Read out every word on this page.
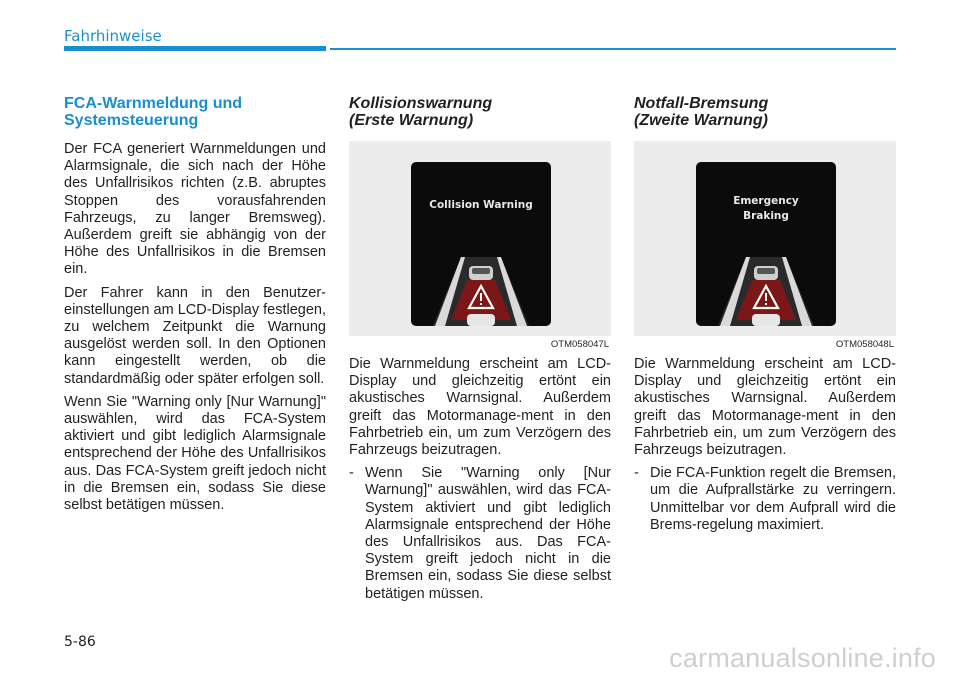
Fahrhinweise
FCA-Warnmeldung und
Systemsteuerung

Der FCA generiert Warnmeldungen und Alarmsignale, die sich nach der Höhe des Unfallrisikos richten (z.B. abruptes Stoppen des vorausfahrenden Fahrzeugs, zu langer Bremsweg). Außerdem greift sie abhängig von der Höhe des Unfallrisikos in die Bremsen ein.

Der Fahrer kann in den Benutzer-einstellungen am LCD-Display festlegen, zu welchem Zeitpunkt die Warnung ausgelöst werden soll. In den Optionen kann eingestellt werden, ob die standardmäßig oder später erfolgen soll.

Wenn Sie "Warning only [Nur Warnung]" auswählen, wird das FCA-System aktiviert und gibt lediglich Alarmsignale entsprechend der Höhe des Unfallrisikos aus. Das FCA-System greift jedoch nicht in die Bremsen ein, sodass Sie diese selbst betätigen müssen.

Kollisionswarnung
(Erste Warnung)
Collision Warning
OTM058047L

Die Warnmeldung erscheint am LCD-Display und gleichzeitig ertönt ein akustisches Warnsignal. Außerdem greift das Motormanage-ment in den Fahrbetrieb ein, um zum Verzögern des Fahrzeugs beizutragen.

- Wenn Sie "Warning only [Nur Warnung]" auswählen, wird das FCA-System aktiviert und gibt lediglich Alarmsignale entsprechend der Höhe des Unfallrisikos aus. Das FCA-System greift jedoch nicht in die Bremsen ein, sodass Sie diese selbst betätigen müssen.
Notfall-Bremsung
(Zweite Warnung)
Emergency
Braking
OTM058048L

Die Warnmeldung erscheint am LCD-Display und gleichzeitig ertönt ein akustisches Warnsignal. Außerdem greift das Motormanage-ment in den Fahrbetrieb ein, um zum Verzögern des Fahrzeugs beizutragen.

- Die FCA-Funktion regelt die Bremsen, um die Aufprallstärke zu verringern. Unmittelbar vor dem Aufprall wird die Brems-regelung maximiert.
5-86
carmanualsonline.info
